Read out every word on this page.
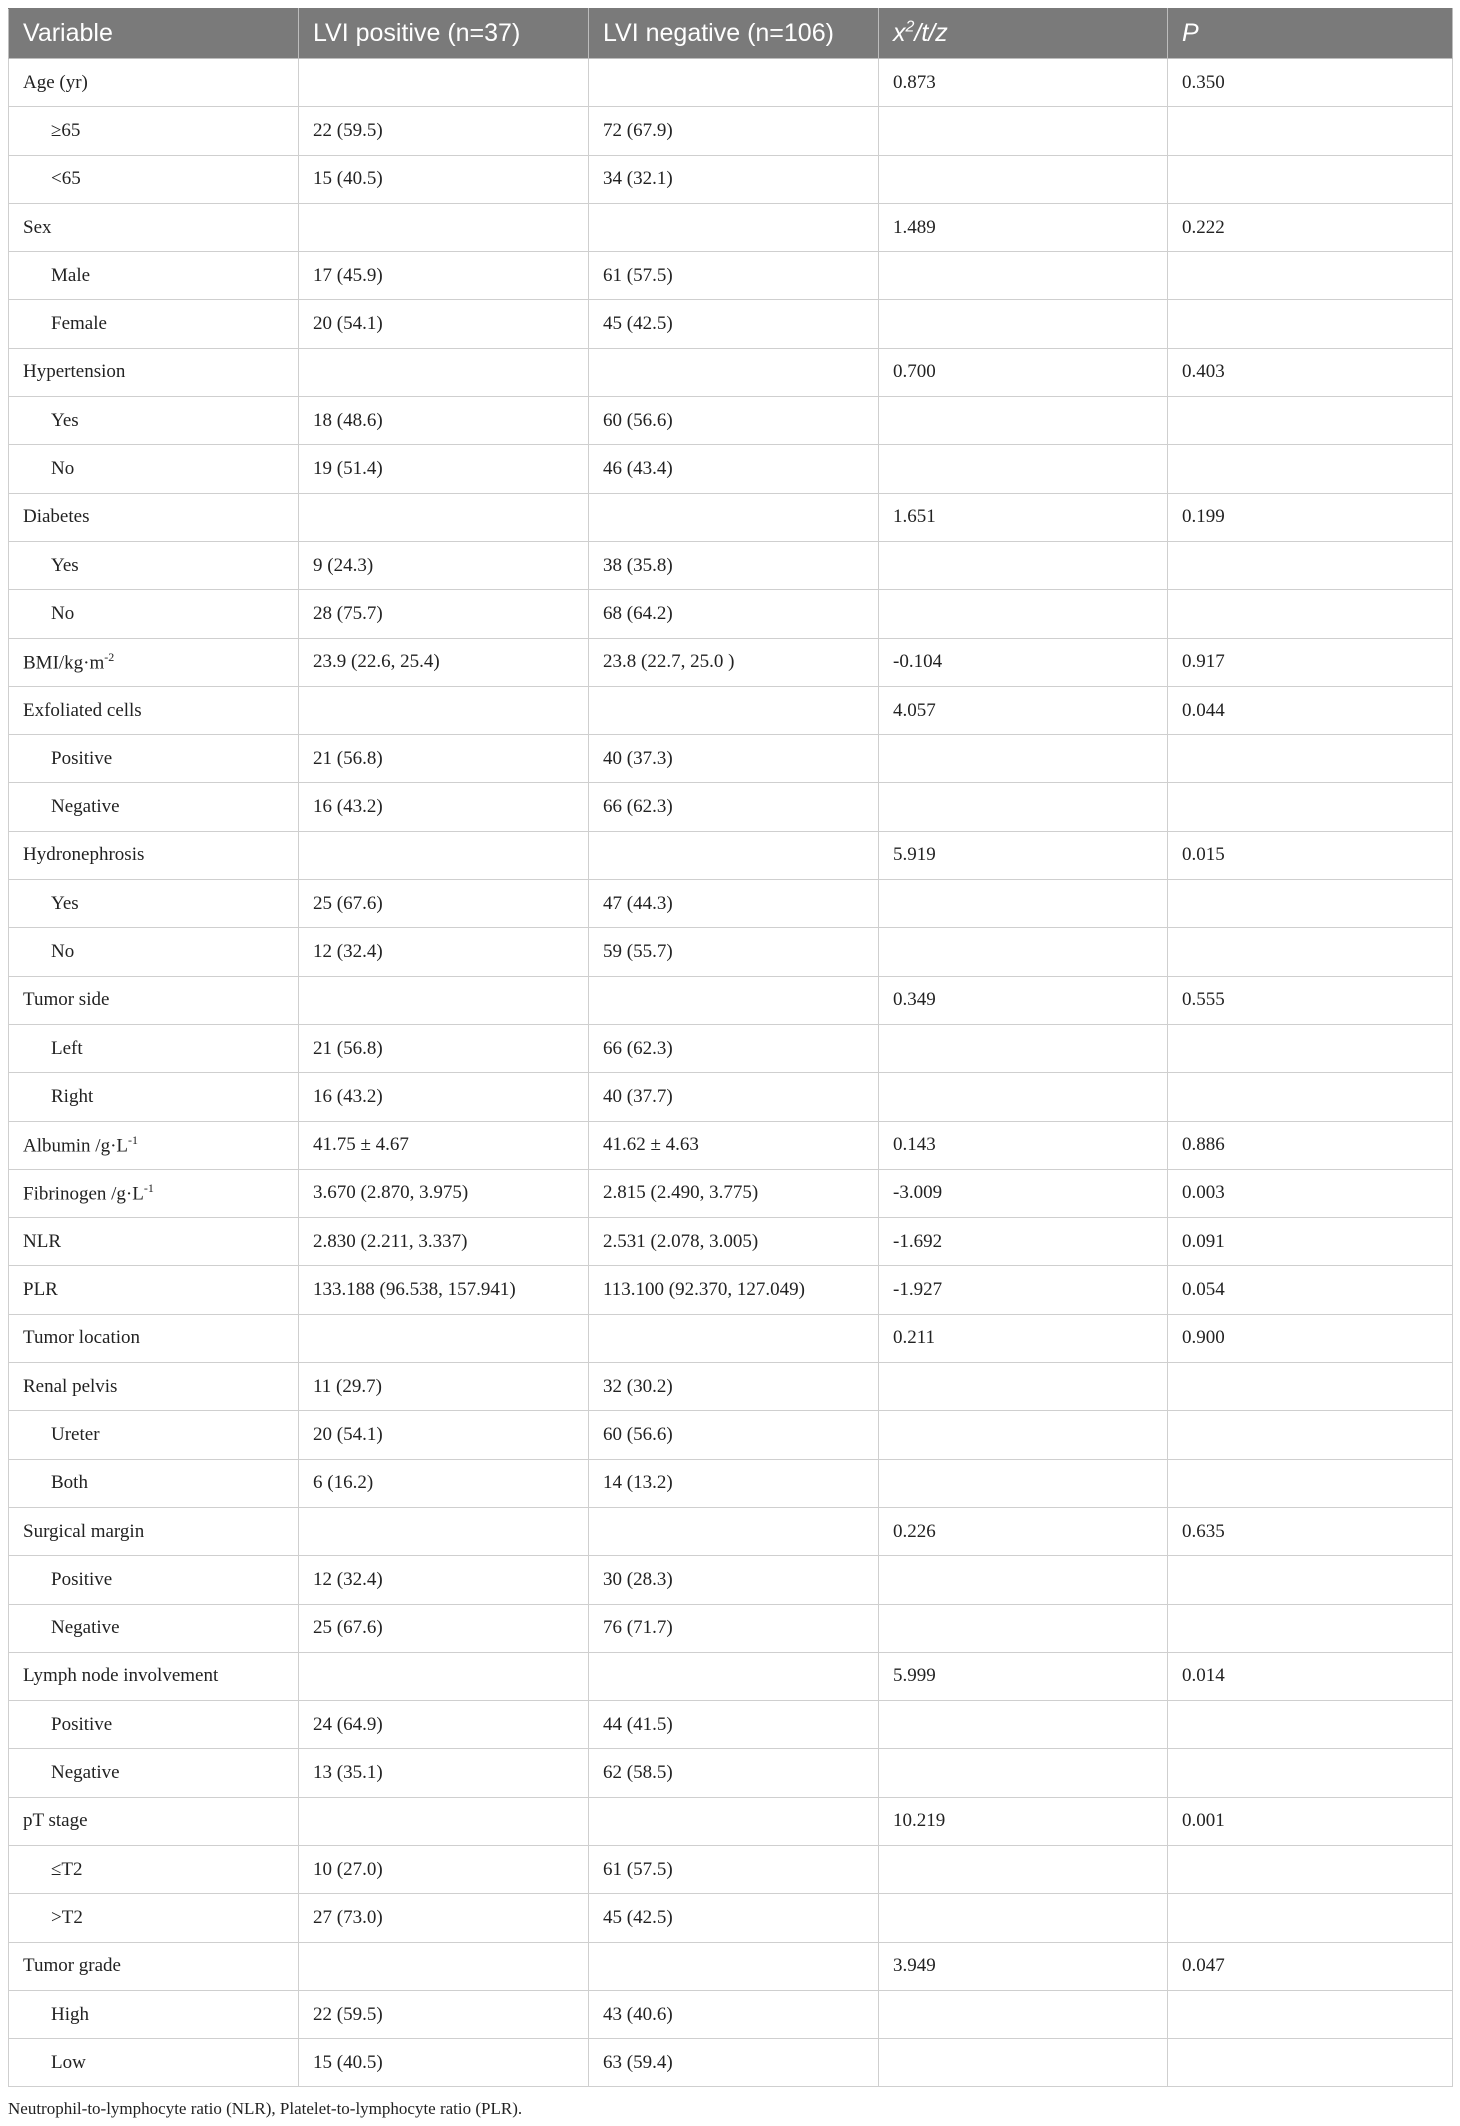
Variable	LVI positive (n=37)	LVI negative (n=106)	$x^2/t/z$	P
Age (yr)			0.873	0.350
≥65	22 (59.5)	72 (67.9)		
<65	15 (40.5)	34 (32.1)		
Sex			1.489	0.222
Male	17 (45.9)	61 (57.5)		
Female	20 (54.1)	45 (42.5)		
Hypertension			0.700	0.403
Yes	18 (48.6)	60 (56.6)		
No	19 (51.4)	46 (43.4)		
Diabetes			1.651	0.199
Yes	9 (24.3)	38 (35.8)		
No	28 (75.7)	68 (64.2)		
BMI/$kg\cdot m^{-2}$	23.9 (22.6, 25.4)	23.8 (22.7, 25.0 )	-0.104	0.917
Exfoliated cells			4.057	0.044
Positive	21 (56.8)	40 (37.3)		
Negative	16 (43.2)	66 (62.3)		
Hydronephrosis			5.919	0.015
Yes	25 (67.6)	47 (44.3)		
No	12 (32.4)	59 (55.7)		
Tumor side			0.349	0.555
Left	21 (56.8)	66 (62.3)		
Right	16 (43.2)	40 (37.7)		
Albumin $/g\cdot L^{-1}$	41.75 ± 4.67	41.62 ± 4.63	0.143	0.886
Fibrinogen $/g\cdot L^{-1}$	3.670 (2.870, 3.975)	2.815 (2.490, 3.775)	-3.009	0.003
NLR	2.830 (2.211, 3.337)	2.531 (2.078, 3.005)	-1.692	0.091
PLR	133.188 (96.538, 157.941)	113.100 (92.370, 127.049)	-1.927	0.054
Tumor location			0.211	0.900
Renal pelvis	11 (29.7)	32 (30.2)		
Ureter	20 (54.1)	60 (56.6)		
Both	6 (16.2)	14 (13.2)		
Surgical margin			0.226	0.635
Positive	12 (32.4)	30 (28.3)		
Negative	25 (67.6)	76 (71.7)		
Lymph node involvement			5.999	0.014
Positive	24 (64.9)	44 (41.5)		
Negative	13 (35.1)	62 (58.5)		
pT stage			10.219	0.001
≤T2	10 (27.0)	61 (57.5)		
>T2	27 (73.0)	45 (42.5)		
Tumor grade			3.949	0.047
High	22 (59.5)	43 (40.6)		
Low	15 (40.5)	63 (59.4)		
Neutrophil-to-lymphocyte ratio (NLR), Platelet-to-lymphocyte ratio (PLR).
